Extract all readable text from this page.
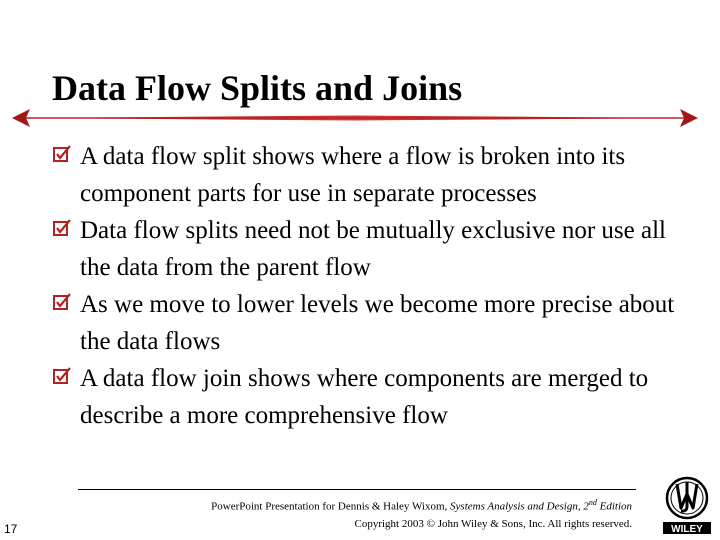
Data Flow Splits and Joins
A data flow split shows where a flow is broken into its component parts for use in separate processes
Data flow splits need not be mutually exclusive nor use all the data from the parent flow
As we move to lower levels we become more precise about the data flows
A data flow join shows where components are merged to describe a more comprehensive flow
PowerPoint Presentation for Dennis & Haley Wixom, Systems Analysis and Design, 2nd Edition
Copyright 2003 © John Wiley & Sons, Inc. All rights reserved.
17	WILEY
